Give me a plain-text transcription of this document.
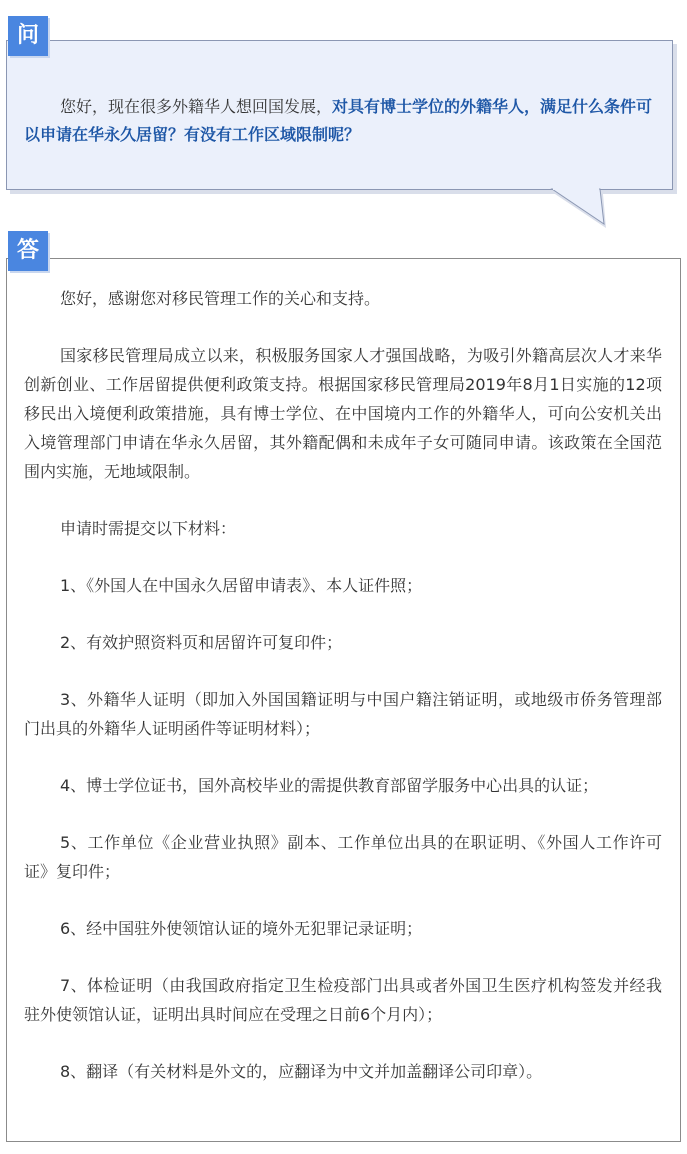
问

您好，现在很多外籍华人想回国发展，对具有博士学位的外籍华人，满足什么条件可以申请在华永久居留？有没有工作区域限制呢？

答

您好，感谢您对移民管理工作的关心和支持。

国家移民管理局成立以来，积极服务国家人才强国战略，为吸引外籍高层次人才来华创新创业、工作居留提供便利政策支持。根据国家移民管理局2019年8月1日实施的12项移民出入境便利政策措施，具有博士学位、在中国境内工作的外籍华人，可向公安机关出入境管理部门申请在华永久居留，其外籍配偶和未成年子女可随同申请。该政策在全国范围内实施，无地域限制。

申请时需提交以下材料：

1、《外国人在中国永久居留申请表》、本人证件照；

2、有效护照资料页和居留许可复印件；

3、外籍华人证明（即加入外国国籍证明与中国户籍注销证明，或地级市侨务管理部门出具的外籍华人证明函件等证明材料）；

4、博士学位证书，国外高校毕业的需提供教育部留学服务中心出具的认证；

5、工作单位《企业营业执照》副本、工作单位出具的在职证明、《外国人工作许可证》复印件；

6、经中国驻外使领馆认证的境外无犯罪记录证明；

7、体检证明（由我国政府指定卫生检疫部门出具或者外国卫生医疗机构签发并经我驻外使领馆认证，证明出具时间应在受理之日前6个月内）；

8、翻译（有关材料是外文的，应翻译为中文并加盖翻译公司印章）。
